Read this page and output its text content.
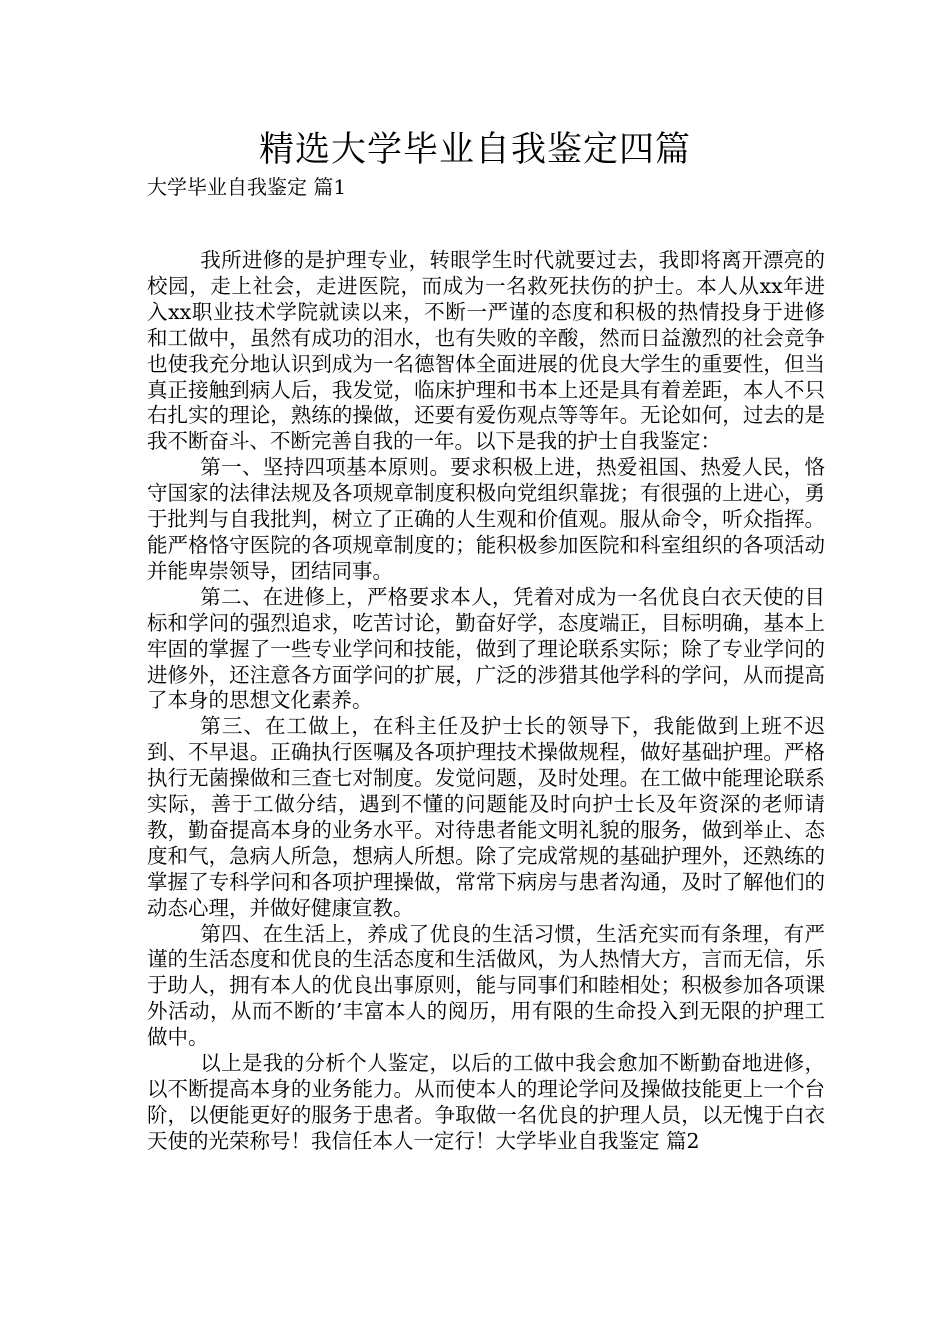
精选大学毕业自我鉴定四篇
大学毕业自我鉴定 篇1

我所进修的是护理专业，转眼学生时代就要过去，我即将离开漂亮的校园，走上社会，走进医院，而成为一名救死扶伤的护士。本人从xx年进入xx职业技术学院就读以来，不断一严谨的态度和积极的热情投身于进修和工做中，虽然有成功的泪水，也有失败的辛酸，然而日益激烈的社会竞争也使我充分地认识到成为一名德智体全面进展的优良大学生的重要性，但当真正接触到病人后，我发觉，临床护理和书本上还是具有着差距，本人不只右扎实的理论，熟练的操做，还要有爱伤观点等等年。无论如何，过去的是我不断奋斗、不断完善自我的一年。以下是我的护士自我鉴定：

第一、坚持四项基本原则。要求积极上进，热爱祖国、热爱人民，恪守国家的法律法规及各项规章制度积极向党组织靠拢；有很强的上进心，勇于批判与自我批判，树立了正确的人生观和价值观。服从命令，听众指挥。能严格恪守医院的各项规章制度的；能积极参加医院和科室组织的各项活动并能卑崇领导，团结同事。

第二、在进修上，严格要求本人，凭着对成为一名优良白衣天使的目标和学问的强烈追求，吃苦讨论，勤奋好学，态度端正，目标明确，基本上牢固的掌握了一些专业学问和技能，做到了理论联系实际；除了专业学问的进修外，还注意各方面学问的扩展，广泛的涉猎其他学科的学问，从而提高了本身的思想文化素养。

第三、在工做上，在科主任及护士长的领导下，我能做到上班不迟到、不早退。正确执行医嘱及各项护理技术操做规程，做好基础护理。严格执行无菌操做和三查七对制度。发觉问题，及时处理。在工做中能理论联系实际，善于工做分结，遇到不懂的问题能及时向护士长及年资深的老师请教，勤奋提高本身的业务水平。对待患者能文明礼貌的服务，做到举止、态度和气，急病人所急，想病人所想。除了完成常规的基础护理外，还熟练的掌握了专科学问和各项护理操做，常常下病房与患者沟通，及时了解他们的动态心理，并做好健康宣教。

第四、在生活上，养成了优良的生活习惯，生活充实而有条理，有严谨的生活态度和优良的生活态度和生活做风，为人热情大方，言而无信，乐于助人，拥有本人的优良出事原则，能与同事们和睦相处；积极参加各项课外活动，从而不断的’丰富本人的阅历，用有限的生命投入到无限的护理工做中。

以上是我的分析个人鉴定，以后的工做中我会愈加不断勤奋地进修，以不断提高本身的业务能力。从而使本人的理论学问及操做技能更上一个台阶，以便能更好的服务于患者。争取做一名优良的护理人员，以无愧于白衣天使的光荣称号！我信任本人一定行！大学毕业自我鉴定 篇2
